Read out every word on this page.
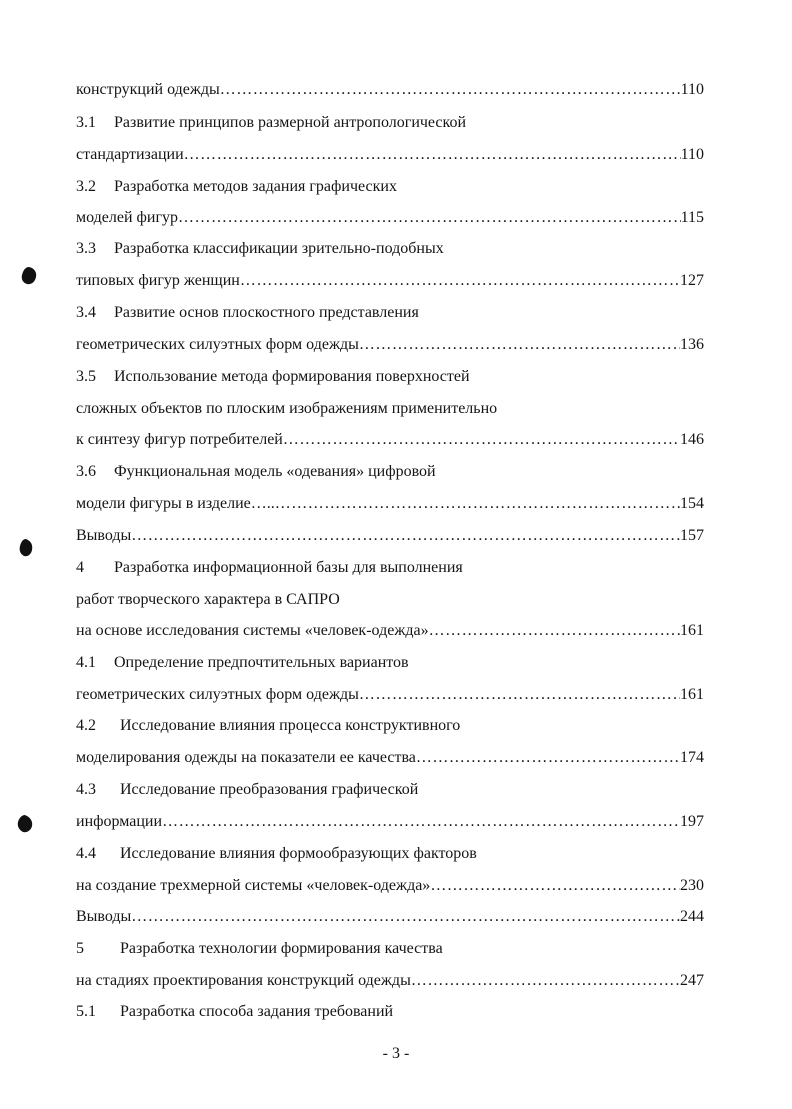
конструкций одежды ……………………………………………………………………………………………………………………………………………………………………	110
3.1 Развитие принципов размерной антропологической
стандартизации ……………………………………………………………………………………………………………………………………………………………………	110
3.2 Разработка методов задания графических
моделей фигур ……………………………………………………………………………………………………………………………………………………………………	115
3.3 Разработка классификации зрительно-подобных
типовых фигур женщин ……………………………………………………………………………………………………………………………………………………………………	127
3.4 Развитие основ плоскостного представления
геометрических силуэтных форм одежды ……………………………………………………………………………………………………………………………………………………………………	136
3.5 Использование метода формирования поверхностей
сложных объектов по плоским изображениям применительно
к синтезу фигур потребителей ……………………………………………………………………………………………………………………………………………………………………	146
3.6 Функциональная модель «одевания» цифровой
модели фигуры в изделие….. ……………………………………………………………………………………………………………………………………………………………………	154
Выводы ……………………………………………………………………………………………………………………………………………………………………	157
4 Разработка информационной базы для выполнения
работ творческого характера в САПРО
на основе исследования системы «человек-одежда» ……………………………………………………………………………………………………………………………………………………………………	161
4.1 Определение предпочтительных вариантов
геометрических силуэтных форм одежды ……………………………………………………………………………………………………………………………………………………………………	161
4.2 Исследование влияния процесса конструктивного
моделирования одежды на показатели ее качества ……………………………………………………………………………………………………………………………………………………………………	174
4.3 Исследование преобразования графической
информации ……………………………………………………………………………………………………………………………………………………………………	197
4.4 Исследование влияния формообразующих факторов
на создание трехмерной системы «человек-одежда» ……………………………………………………………………………………………………………………………………………………………………	230
Выводы ……………………………………………………………………………………………………………………………………………………………………	244
5 Разработка технологии формирования качества
на стадиях проектирования конструкций одежды ……………………………………………………………………………………………………………………………………………………………………	247
5.1 Разработка способа задания требований
- 3 -
